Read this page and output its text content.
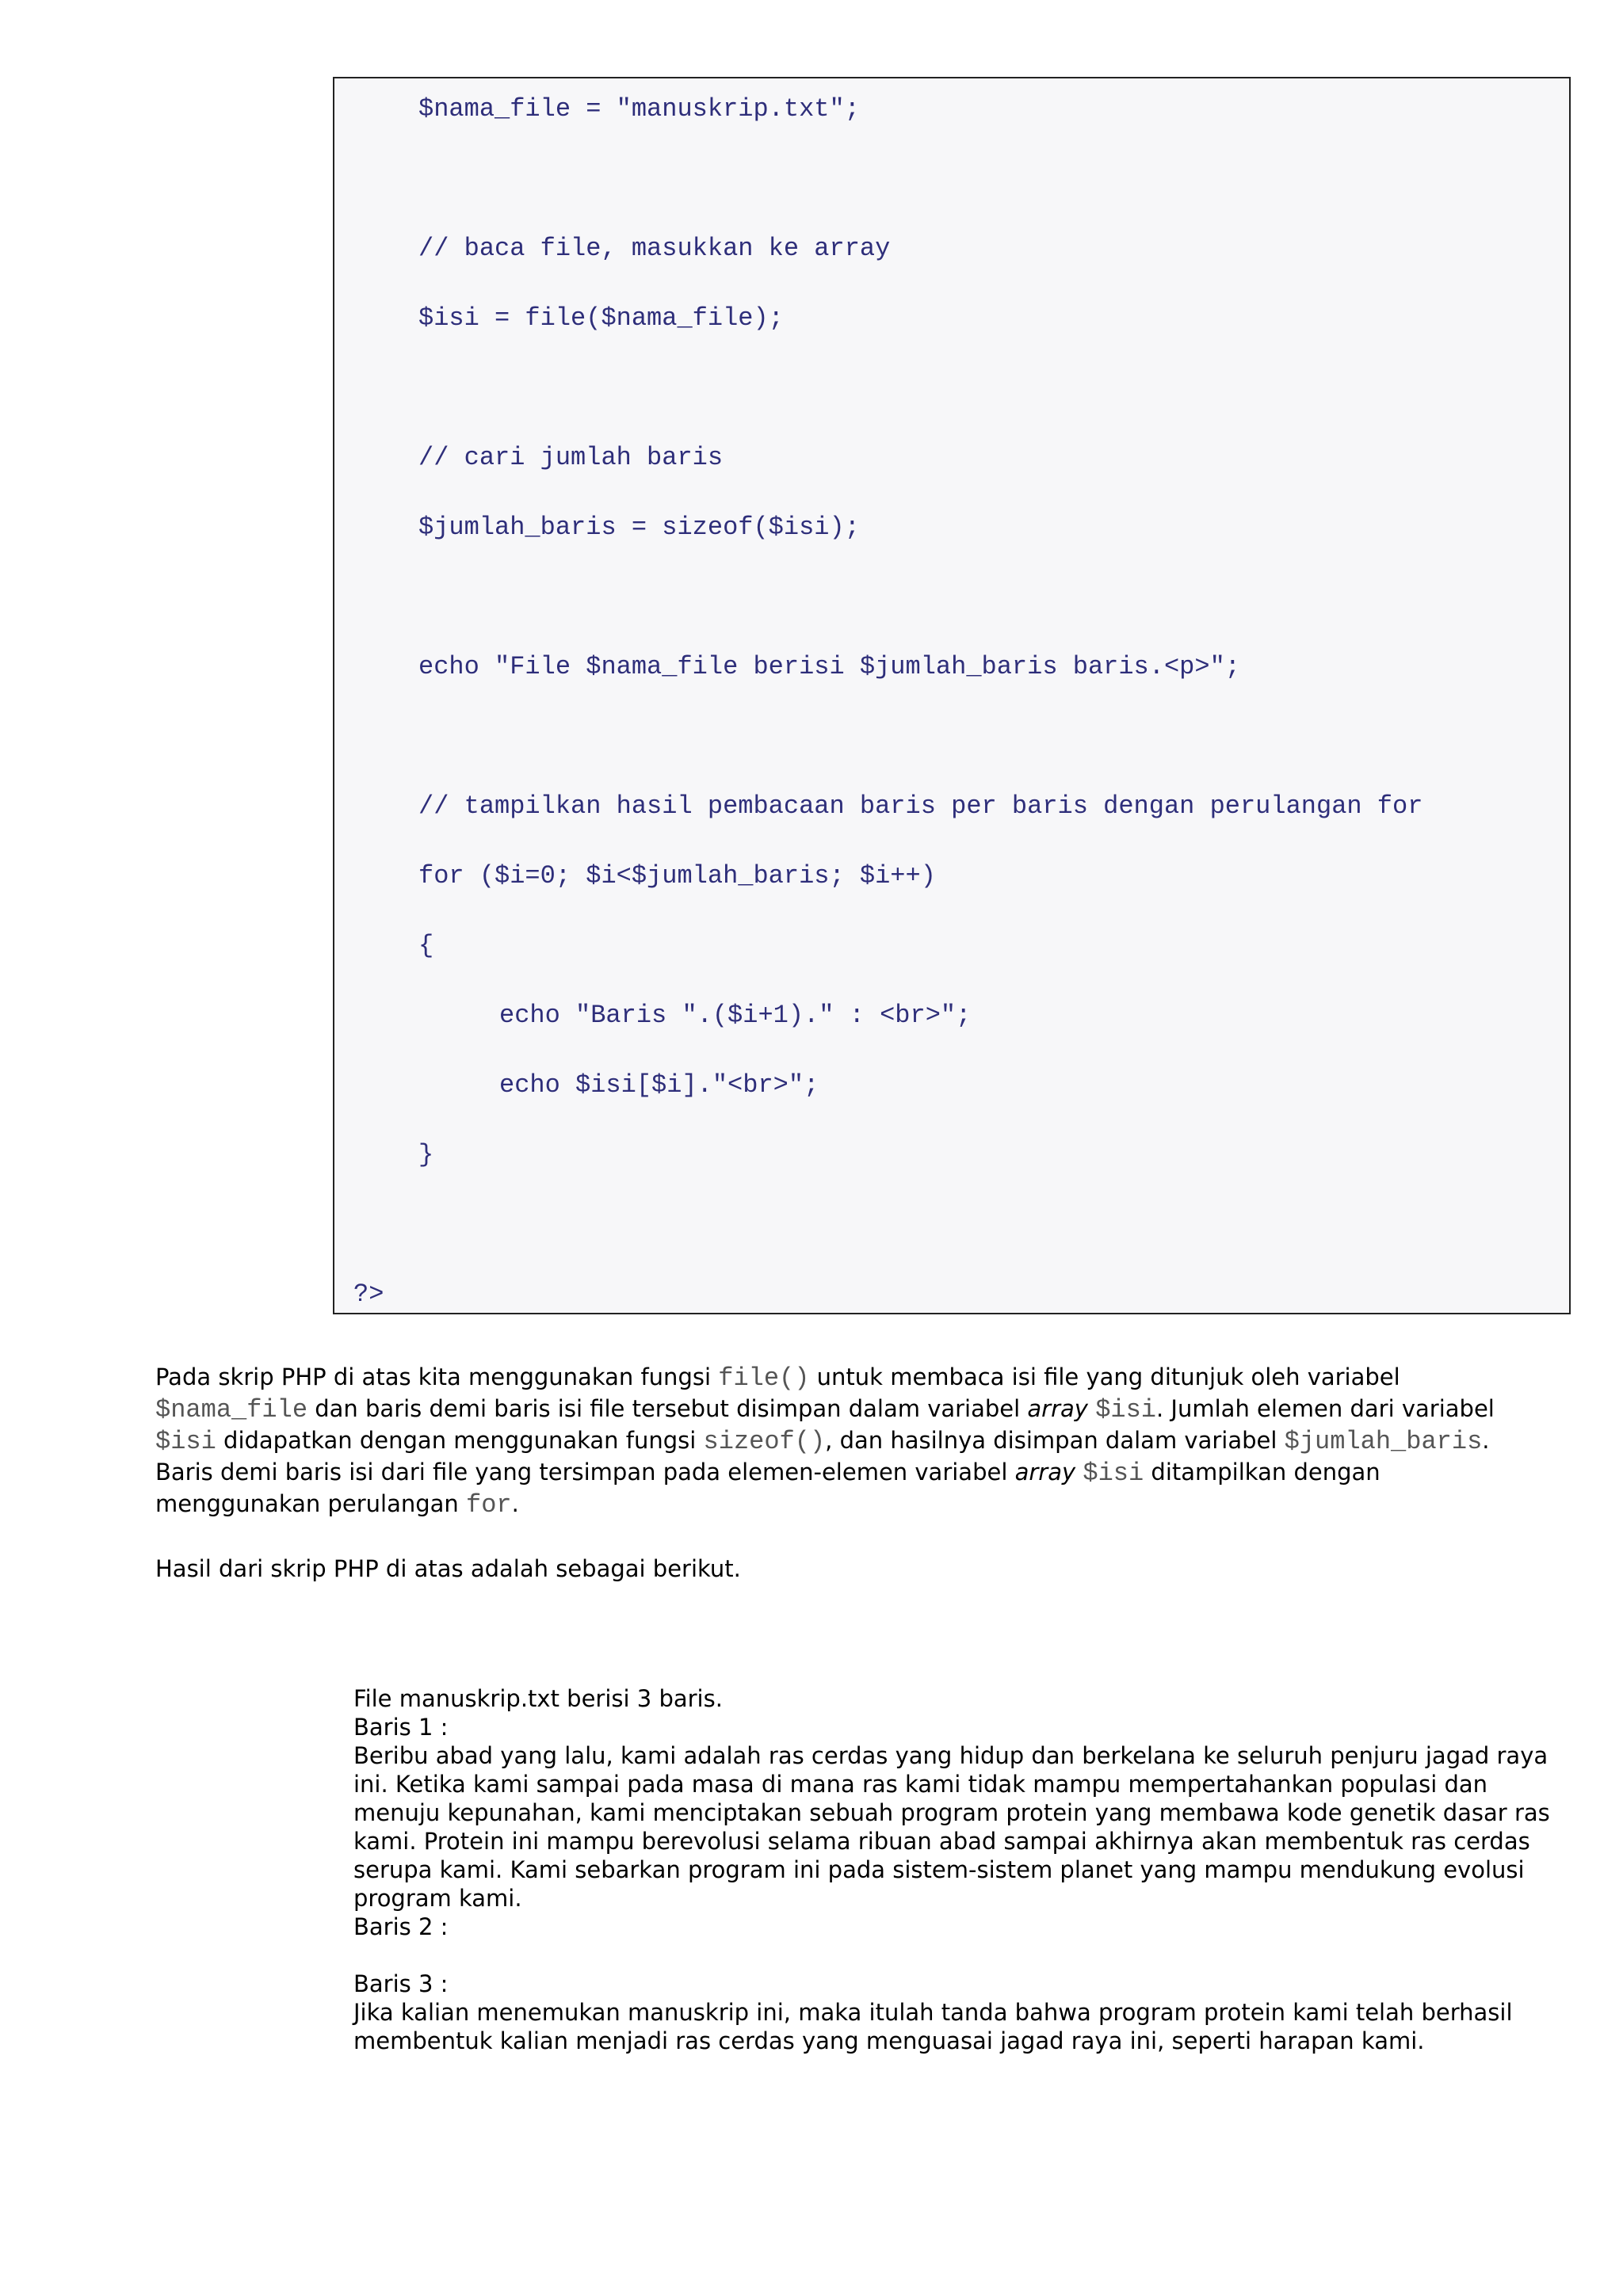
$nama_file = "manuskrip.txt";
// baca file, masukkan ke array
$isi = file($nama_file);
// cari jumlah baris
$jumlah_baris = sizeof($isi);
echo "File $nama_file berisi $jumlah_baris baris.<p>";
// tampilkan hasil pembacaan baris per baris dengan perulangan for
for ($i=0; $i<$jumlah_baris; $i++)
{
echo "Baris ".($i+1)." : <br>";
echo $isi[$i]."<br>";
}
?>

Pada skrip PHP di atas kita menggunakan fungsi file() untuk membaca isi file yang ditunjuk oleh variabel $nama_file dan baris demi baris isi file tersebut disimpan dalam variabel array $isi. Jumlah elemen dari variabel $isi didapatkan dengan menggunakan fungsi sizeof(), dan hasilnya disimpan dalam variabel $jumlah_baris. Baris demi baris isi dari file yang tersimpan pada elemen-elemen variabel array $isi ditampilkan dengan menggunakan perulangan for.

Hasil dari skrip PHP di atas adalah sebagai berikut.

File manuskrip.txt berisi 3 baris.
Baris 1 :
Beribu abad yang lalu, kami adalah ras cerdas yang hidup dan berkelana ke seluruh penjuru jagad raya ini. Ketika kami sampai pada masa di mana ras kami tidak mampu mempertahankan populasi dan menuju kepunahan, kami menciptakan sebuah program protein yang membawa kode genetik dasar ras kami. Protein ini mampu berevolusi selama ribuan abad sampai akhirnya akan membentuk ras cerdas serupa kami. Kami sebarkan program ini pada sistem-sistem planet yang mampu mendukung evolusi program kami.
Baris 2 :
Baris 3 :
Jika kalian menemukan manuskrip ini, maka itulah tanda bahwa program protein kami telah berhasil membentuk kalian menjadi ras cerdas yang menguasai jagad raya ini, seperti harapan kami.
